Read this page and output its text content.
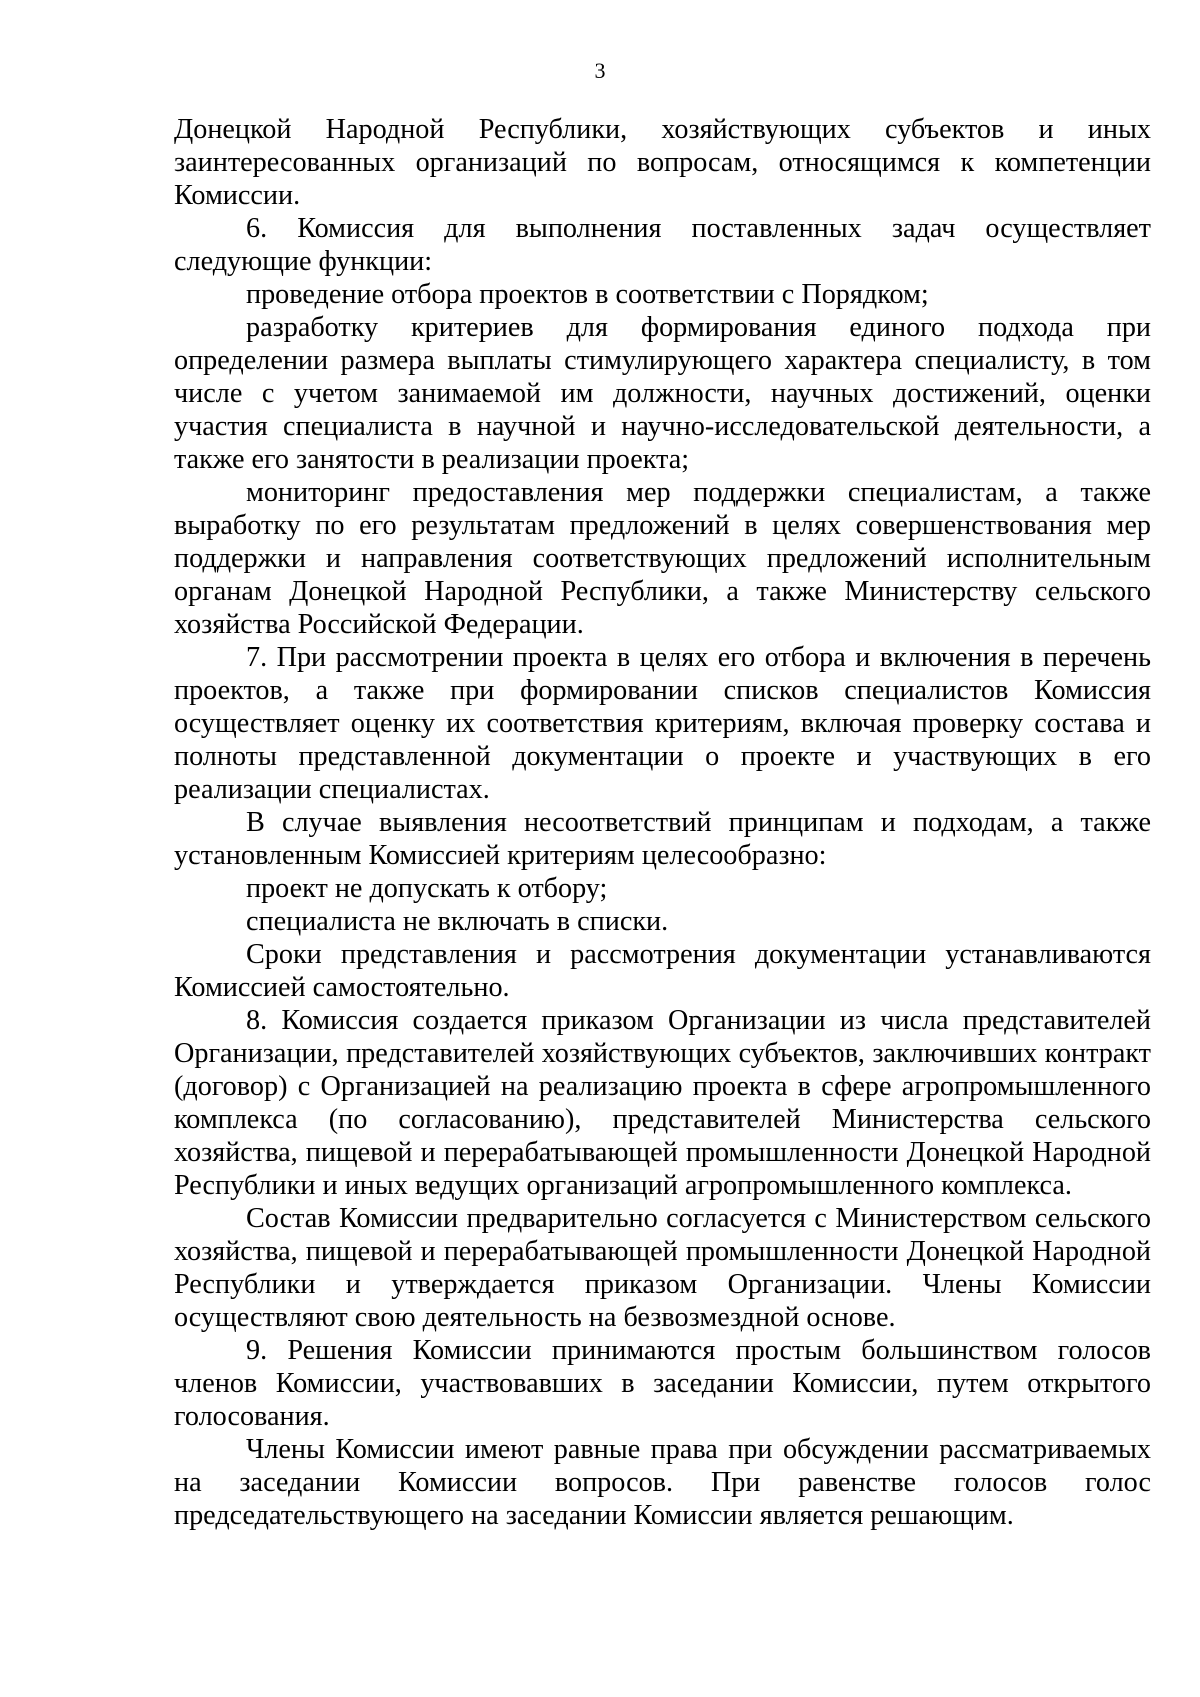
3

Донецкой Народной Республики, хозяйствующих субъектов и иных заинтересованных организаций по вопросам, относящимся к компетенции Комиссии.

6. Комиссия для выполнения поставленных задач осуществляет следующие функции:

проведение отбора проектов в соответствии с Порядком;

разработку критериев для формирования единого подхода при определении размера выплаты стимулирующего характера специалисту, в том числе с учетом занимаемой им должности, научных достижений, оценки участия специалиста в научной и научно-исследовательской деятельности, а также его занятости в реализации проекта;

мониторинг предоставления мер поддержки специалистам, а также выработку по его результатам предложений в целях совершенствования мер поддержки и направления соответствующих предложений исполнительным органам Донецкой Народной Республики, а также Министерству сельского хозяйства Российской Федерации.

7. При рассмотрении проекта в целях его отбора и включения в перечень проектов, а также при формировании списков специалистов Комиссия осуществляет оценку их соответствия критериям, включая проверку состава и полноты представленной документации о проекте и участвующих в его реализации специалистах.

В случае выявления несоответствий принципам и подходам, а также установленным Комиссией критериям целесообразно:

проект не допускать к отбору;

специалиста не включать в списки.

Сроки представления и рассмотрения документации устанавливаются Комиссией самостоятельно.

8. Комиссия создается приказом Организации из числа представителей Организации, представителей хозяйствующих субъектов, заключивших контракт (договор) с Организацией на реализацию проекта в сфере агропромышленного комплекса (по согласованию), представителей Министерства сельского хозяйства, пищевой и перерабатывающей промышленности Донецкой Народной Республики и иных ведущих организаций агропромышленного комплекса.

Состав Комиссии предварительно согласуется с Министерством сельского хозяйства, пищевой и перерабатывающей промышленности Донецкой Народной Республики и утверждается приказом Организации. Члены Комиссии осуществляют свою деятельность на безвозмездной основе.

9. Решения Комиссии принимаются простым большинством голосов членов Комиссии, участвовавших в заседании Комиссии, путем открытого голосования.

Члены Комиссии имеют равные права при обсуждении рассматриваемых на заседании Комиссии вопросов. При равенстве голосов голос председательствующего на заседании Комиссии является решающим.
